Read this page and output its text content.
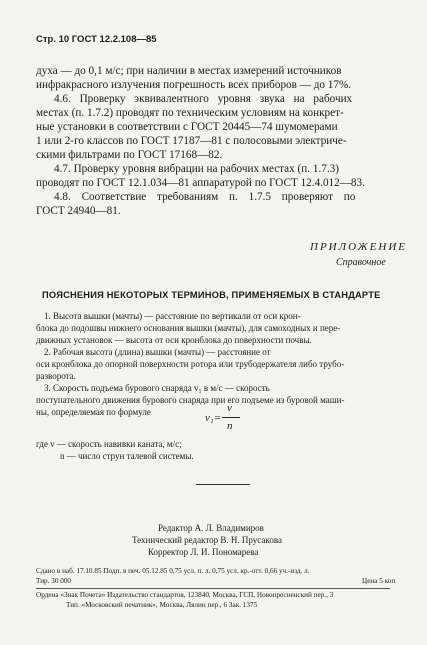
Стр. 10 ГОСТ 12.2.108—85
духа — до 0,1 м/с; при наличии в местах измерений источников
инфракрасного излучения погрешность всех приборов — до 17%.
4.6. Проверку эквивалентного уровня звука на рабочих
местах (п. 1.7.2) проводят по техническим условиям на конкрет-
ные установки в соответствии с ГОСТ 20445—74 шумомерами
1 или 2-го классов по ГОСТ 17187—81 с полосовыми электриче-
скими фильтрами по ГОСТ 17168—82.
4.7. Проверку уровня вибрации на рабочих местах (п. 1.7.3)
проводят по ГОСТ 12.1.034—81 аппаратурой по ГОСТ 12.4.012—83.
4.8. Соответствие требованиям п. 1.7.5 проверяют по
ГОСТ 24940—81.
ПРИЛОЖЕНИЕ
Справочное
ПОЯСНЕНИЯ НЕКОТОРЫХ ТЕРМИНОВ, ПРИМЕНЯЕМЫХ В СТАНДАРТЕ
1. Высота вышки (мачты) — расстояние по вертикали от оси крон-
блока до подошвы нижнего основания вышки (мачты), для самоходных и пере-
движных установок — высота от оси кронблока до поверхности почвы.
2. Рабочая высота (длина) вышки (мачты) — расстояние от
оси кронблока до опорной поверхности ротора или трубодержателя либо трубо-
разворота.
3. Скорость подъема бурового снаряда v₁ в м/с — скорость
поступательного движения бурового снаряда при его подъеме из буровой маши-
ны, определяемая по формуле	v₁=
v
n
где v — скорость навивки каната, м/с;
n — число струн талевой системы.
Редактор А. Л. Владимиров
Технический редактор В. Н. Прусакова
Корректор Л. И. Пономарева
Сдано в наб. 17.10.85 Подп. в печ. 05.12.85 0,75 усл. п. л. 0,75 усл. кр.-отт. 0,66 уч.-изд. л.
Тир. 30 000	Цена 5 коп
Ордена «Знак Почета» Издательство стандартов, 123840, Москва, ГСП, Новопресненский пер., 3
Тип. «Московский печатник», Москва, Лялин пер., 6 Зак. 1375
